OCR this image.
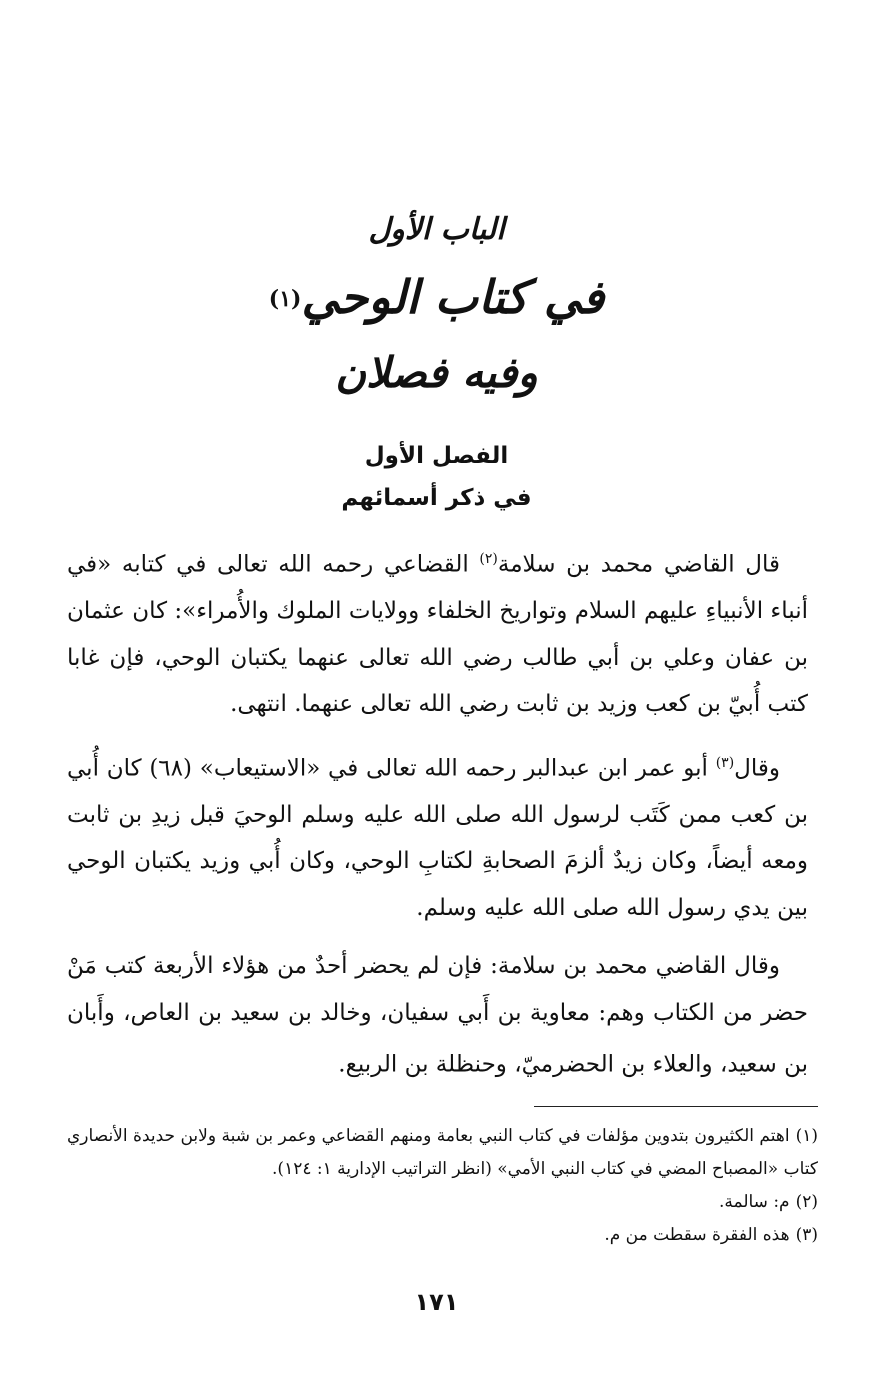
الباب الأول
في كتاب الوحي$^{(١)}$
وفيه فصلان
الفصل الأول
في ذكر أسمائهم

قال القاضي محمد بن سلامة$^{(٢)}$ القضاعي رحمه الله تعالى في كتابه «في أنباء الأنبياءِ عليهم السلام وتواريخ الخلفاء وولايات الملوك والأُمراء»: كان عثمان بن عفان وعلي بن أبي طالب رضي الله تعالى عنهما يكتبان الوحي، فإن غابا كتب أُبيّ بن كعب وزيد بن ثابت رضي الله تعالى عنهما. انتهى.

وقال$^{(٣)}$ أبو عمر ابن عبدالبر رحمه الله تعالى في «الاستيعاب» (٦٨) كان أُبي بن كعب ممن كَتَب لرسول الله صلى الله عليه وسلم الوحيَ قبل زيدِ بن ثابت ومعه أيضاً، وكان زيدٌ ألزمَ الصحابةِ لكتابِ الوحي، وكان أُبي وزيد يكتبان الوحي بين يدي رسول الله صلى الله عليه وسلم.

وقال القاضي محمد بن سلامة: فإن لم يحضر أحدٌ من هؤلاء الأربعة كتب مَنْ حضر من الكتاب وهم: معاوية بن أَبي سفيان، وخالد بن سعيد بن العاص، وأَبان بن سعيد، والعلاء بن الحضرميّ، وحنظلة بن الربيع.

(١)اهتم الكثيرون بتدوين مؤلفات في كتاب النبي بعامة ومنهم القضاعي وعمر بن شبة ولابن حديدة الأنصاري كتاب «المصباح المضي في كتاب النبي الأمي» (انظر التراتيب الإدارية ١: ١٢٤).

(٢)م: سالمة.

(٣)هذه الفقرة سقطت من م.

١٧١
